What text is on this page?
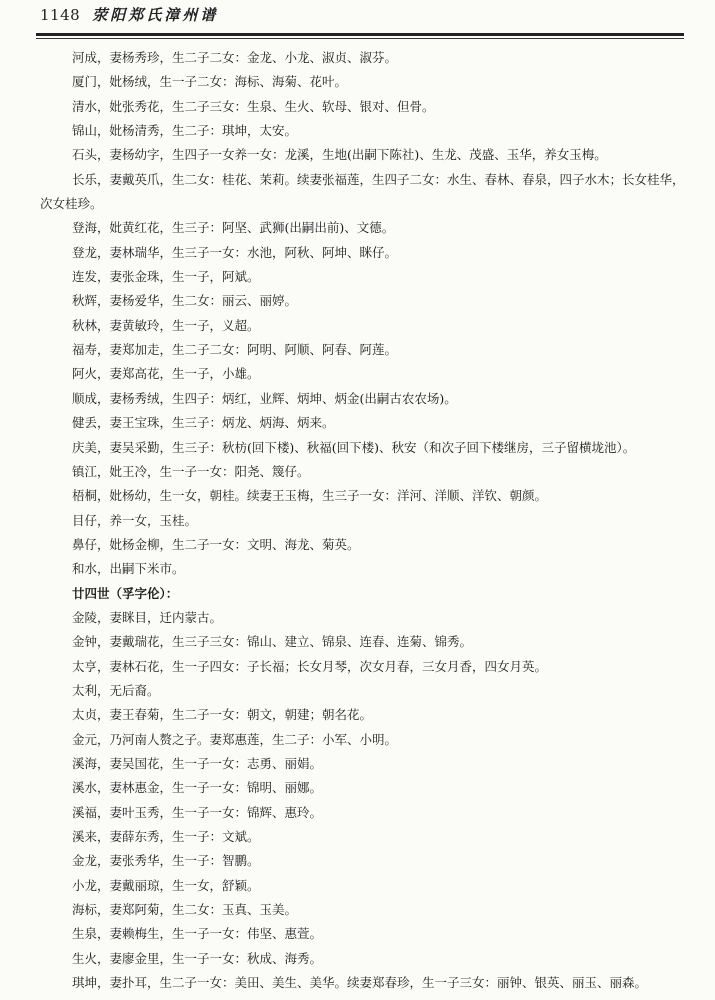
1148 荥阳郑氏漳州谱

河成，妻杨秀珍，生二子二女：金龙、小龙、淑贞、淑芬。

厦门，妣杨绒，生一子二女：海标、海菊、花叶。

清水，妣张秀花，生二子三女：生泉、生火、软母、银对、但骨。

锦山，妣杨清秀，生二子：琪坤，太安。

石头，妻杨幼字，生四子一女养一女：龙溪，生地(出嗣下陈社)、生龙、茂盛、玉华，养女玉梅。

长乐，妻戴英爪，生二女：桂花、茉莉。续妻张福莲，生四子二女：水生、春林、春泉，四子水木；长女桂华，次女桂珍。

登海，妣黄红花，生三子：阿坚、武狮(出嗣出前)、文德。

登龙，妻林瑞华，生三子一女：水池，阿秋、阿坤、眯仔。

连发，妻张金珠，生一子，阿斌。

秋辉，妻杨爱华，生二女：丽云、丽婷。

秋林，妻黄敏玲，生一子，义超。

福寿，妻郑加走，生二子二女：阿明、阿顺、阿春、阿莲。

阿火，妻郑高花，生一子，小雄。

顺成，妻杨秀绒，生四子：炳红，业辉、炳坤、炳金(出嗣古农农场)。

健丢，妻王宝珠，生三子：炳龙、炳海、炳来。

庆美，妻吴采勤，生三子：秋枋(回下楼)、秋福(回下楼)、秋安（和次子回下楼继房，三子留横垅池）。

镇江，妣王冷，生一子一女：阳尧、篾仔。

梧桐，妣杨幼，生一女，朝桂。续妻王玉梅，生三子一女：洋河、洋顺、洋钦、朝颜。

目仔，养一女，玉桂。

鼻仔，妣杨金柳，生二子一女：文明、海龙、菊英。

和水，出嗣下米市。

廿四世（孚字伦）：

金陵，妻眯目，迁内蒙古。

金钟，妻戴瑞花，生三子三女：锦山、建立、锦泉、连春、连菊、锦秀。

太亨，妻林石花，生一子四女：子长福；长女月琴，次女月春，三女月香，四女月英。

太利，无后裔。

太贞，妻王春菊，生二子一女：朝文，朝建；朝名花。

金元，乃河南人赘之子。妻郑惠莲，生二子：小军、小明。

溪海，妻吴国花，生一子一女：志勇、丽娟。

溪水，妻林惠金，生一子一女：锦明、丽娜。

溪福，妻叶玉秀，生一子一女：锦辉、惠玲。

溪来，妻薛东秀，生一子：文斌。

金龙，妻张秀华，生一子：智鹏。

小龙，妻戴丽琼，生一女，舒颖。

海标，妻郑阿菊，生二女：玉真、玉美。

生泉，妻赖梅生，生一子一女：伟坚、惠萱。

生火，妻廖金里，生一子一女：秋成、海秀。

琪坤，妻扑耳，生二子一女：美田、美生、美华。续妻郑春珍，生一子三女：丽钟、银英、丽玉、丽森。
